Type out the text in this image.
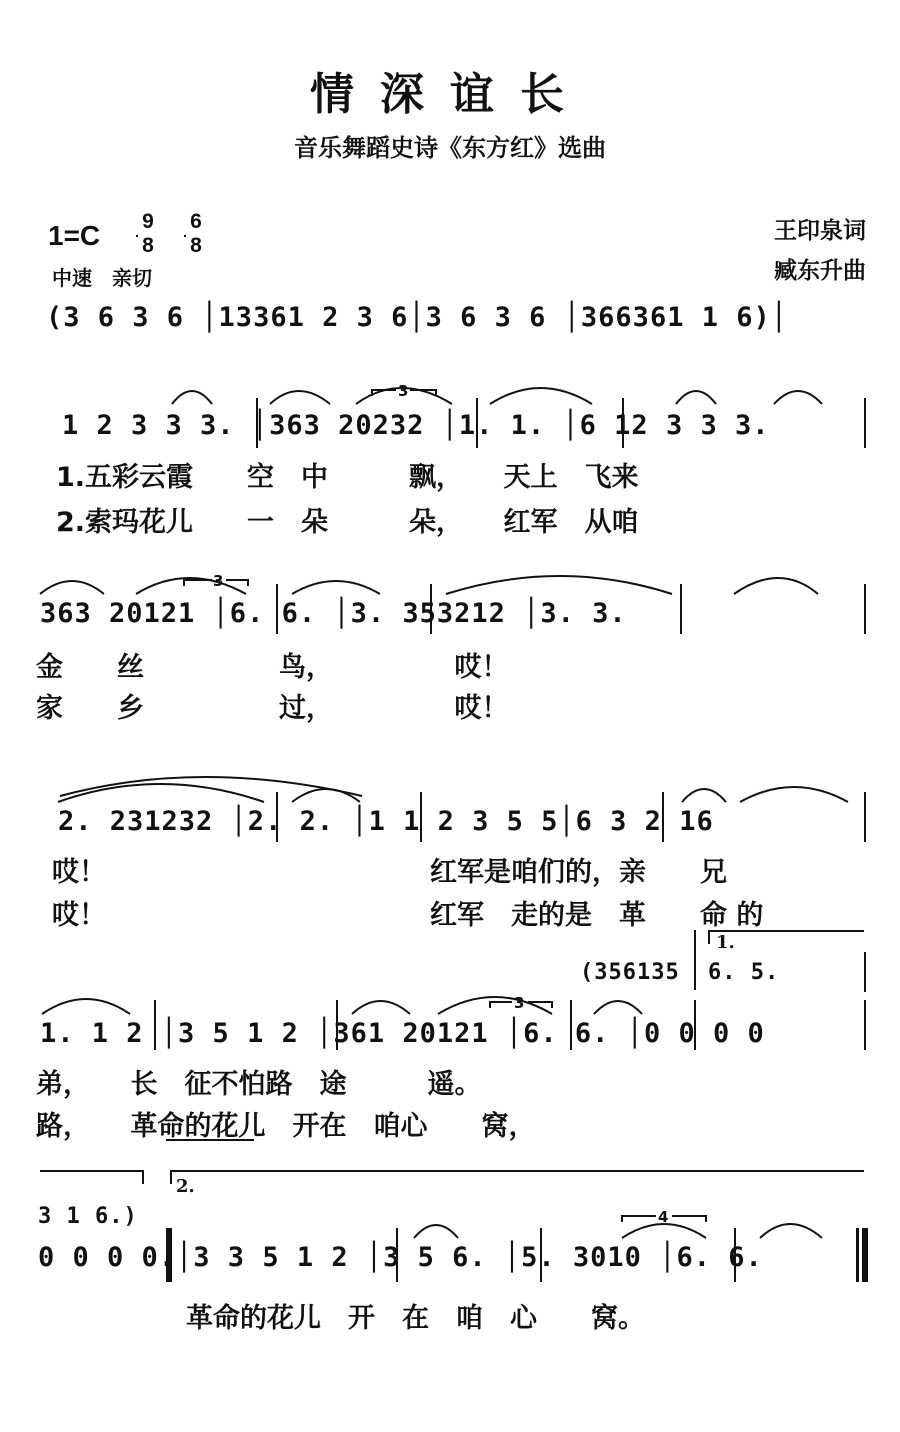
情深谊长
音乐舞蹈史诗《东方红》选曲
1=C 9
8
6
8
中速　亲切
王印泉词
臧东升曲
(3 6 3 6 │13361 2 3 6│3 6 3 6 │366361 1 6)│
1 2 3 3 3. │363 20232 │1. 1. │6 12 3 3 3.
1.五彩云霞　　空　中　　　飘，　　天上　飞来
2.索玛花儿　　一　朵　　　朵，　　红军　从咱
363 20121 │6. 6. │3. 353212 │3. 3.
金　　丝　　　　　鸟，　　　　　哎！
家　　乡　　　　　过，　　　　　哎！
2. 231232 │2. 2. │1 1 2 3 5 5│6 3 2 16
哎！　　　　　　　　　　　　红军是咱们的，亲　　兄
哎！　　　　　　　　　　　　红军　走的是　革　　命 的
(356135
1.
6. 5.
1. 1 2 │3 5 1 2 │361 20121 │6. 6. │0 0 0 0
弟，　　长　征不怕路　途　　　遥。
路，　　革命的花儿　开在　咱心　　窝，
2.
3 1 6.)
0 0 0 0.│3 3 5 1 2 │3 5 6. │5. 3010 │6. 6.
革命的花儿　开　在　咱　心　　窝。
3
3
3
4
